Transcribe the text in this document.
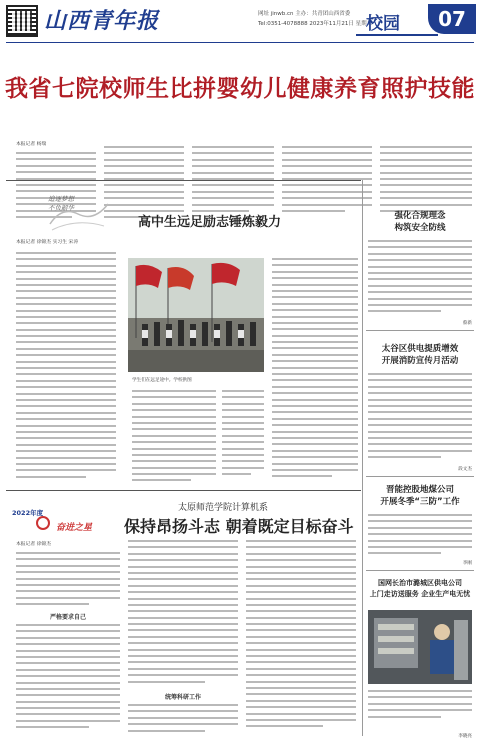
山西青年报	网址 jinwb.cn 主办：共青团山西省委
Tel:0351-4078888 2023年11月21日 星期二
校园	07
我省七院校师生比拼婴幼儿健康养育照护技能
本报记者 杨瑞
追逐梦想
不负韶华
高中生远足励志锤炼毅力
本报记者 徐锦杰 实习生 宋涛
学生们在远足途中。学校供图
2022年度
奋进之星
太原师范学院计算机系
保持昂扬斗志 朝着既定目标奋斗
本报记者 徐锦杰
严格要求自己
统筹科研工作
强化合规理念
构筑安全防线
蔡新
太谷区供电提质增效
开展消防宣传月活动
段文杰
晋能控股地煤公司
开展冬季“三防”工作
李刚
国网长治市潞城区供电公司
上门走访送服务 企业生产电无忧
李晓亮
